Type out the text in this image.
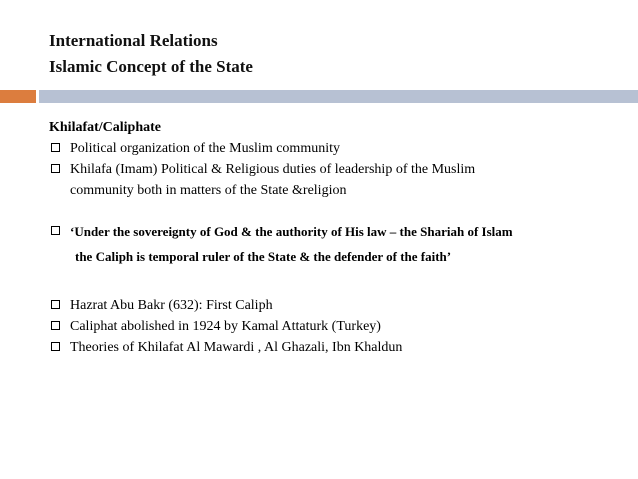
International Relations
Islamic Concept of the State

Khilafat/Caliphate

Political organization of the Muslim community

Khilafa (Imam) Political & Religious duties of leadership of the Muslim
community both in matters of the State &religion

‘Under the sovereignty of God & the authority of His law – the Shariah of Islam

the Caliph is temporal ruler of the State & the defender of the faith’

Hazrat Abu Bakr (632): First Caliph

Caliphat abolished in 1924 by Kamal Attaturk (Turkey)

Theories of Khilafat Al Mawardi , Al Ghazali, Ibn Khaldun
